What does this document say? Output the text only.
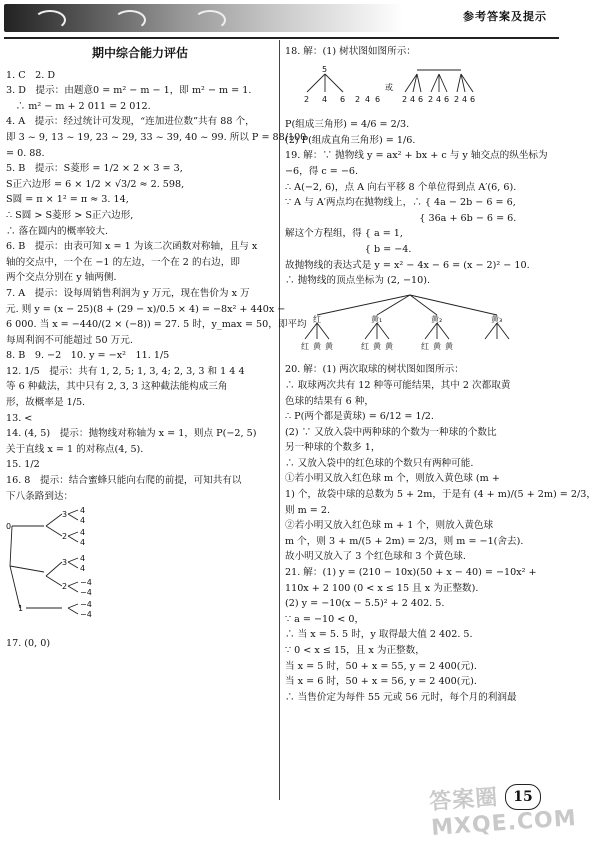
参考答案及提示
期中综合能力评估
1. C　2. D
3. D　提示：由题意0 = m² − m − 1，即 m² − m = 1.
　∴ m² − m + 2 011 = 2 012.
4. A　提示：经过统计可发现，“连加进位数”共有 88 个，
即 3 ~ 9, 13 ~ 19, 23 ~ 29, 33 ~ 39, 40 ~ 99. 所以 P = 88/100
= 0. 88.
5. B　提示：S菱形 = 1/2 × 2 × 3 = 3,
S正六边形 = 6 × 1/2 × √3/2 ≈ 2. 598,
S圆 = π × 1² = π ≈ 3. 14,
∴ S圆 > S菱形 > S正六边形,
∴ 落在圆内的概率较大.
6. B　提示：由表可知 x = 1 为该二次函数对称轴，且与 x
轴的交点中，一个在 −1 的左边，一个在 2 的右边，即
两个交点分别在 y 轴两侧.
7. A　提示：设每周销售利润为 y 万元，现在售价为 x 万
元. 则 y = (x − 25)(8 + (29 − x)/0.5 × 4) = −8x² + 440x −
6 000. 当 x = −440/(2 × (−8)) = 27. 5 时，y_max = 50，即平均
每周利润不可能超过 50 万元.
8. B　9. −2　10. y = −x²　11. 1/5
12. 1/5　提示：共有 1, 2, 5; 1, 3, 4; 2, 3, 3 和 1 4 4
等 6 种截法，其中只有 2, 3, 3 这种截法能构成三角
形，故概率是 1/5.
13. <
14. (4, 5)　提示：抛物线对称轴为 x = 1，则点 P(−2, 5)
关于直线 x = 1 的对称点(4, 5).
15. 1/2
16. 8　提示：结合蜜蜂只能向右爬的前提，可知共有以
下八条路到达：
0
1
3
2
3
2
4
4
4
4
4
4
−4
−4
−4
−4
17. (0, 0)
18. 解：(1) 树状图如图所示：
5
2 4 6 2 4 6
或
2 4 6 2 4 6 2 4 6
P(组成三角形) = 4/6 = 2/3.
(2) P(组成直角三角形) = 1/6.
19. 解：∵ 抛物线 y = ax² + bx + c 与 y 轴交点的纵坐标为
−6，得 c = −6.
∴ A(−2, 6)，点 A 向右平移 8 个单位得到点 A′(6, 6).
∵ A 与 A′两点均在抛物线上，∴ { 4a − 2b − 6 = 6,
　　　　　　　　　　　　　　{ 36a + 6b − 6 = 6.
解这个方程组，得 { a = 1,
　　　　　　　　 { b = −4.
故抛物线的表达式是 y = x² − 4x − 6 = (x − 2)² − 10.
∴ 抛物线的顶点坐标为 (2, −10).
红	黄₁	黄₂	黄₃
红 黄 黄	红 黄 黄	红 黄 黄
20. 解：(1) 两次取球的树状图如图所示：
∴ 取球两次共有 12 种等可能结果，其中 2 次都取黄
色球的结果有 6 种，
∴ P(两个都是黄球) = 6/12 = 1/2.
(2) ∵ 又放入袋中两种球的个数为一种球的个数比
另一种球的个数多 1，
∴ 又放入袋中的红色球的个数只有两种可能.
①若小明又放入红色球 m 个，则放入黄色球 (m +
1) 个，故袋中球的总数为 5 + 2m，于是有 (4 + m)/(5 + 2m) = 2/3，
则 m = 2.
②若小明又放入红色球 m + 1 个，则放入黄色球
m 个，则 3 + m/(5 + 2m) = 2/3，则 m = −1(舍去).
故小明又放入了 3 个红色球和 3 个黄色球.
21. 解：(1) y = (210 − 10x)(50 + x − 40) = −10x² +
110x + 2 100 (0 < x ≤ 15 且 x 为正整数).
(2) y = −10(x − 5.5)² + 2 402. 5.
∵ a = −10 < 0，
∴ 当 x = 5. 5 时，y 取得最大值 2 402. 5.
∵ 0 < x ≤ 15，且 x 为正整数，
当 x = 5 时，50 + x = 55, y = 2 400(元).
当 x = 6 时，50 + x = 56, y = 2 400(元).
∴ 当售价定为每件 55 元或 56 元时，每个月的利润最
答案圈 MXQE.COM
15
